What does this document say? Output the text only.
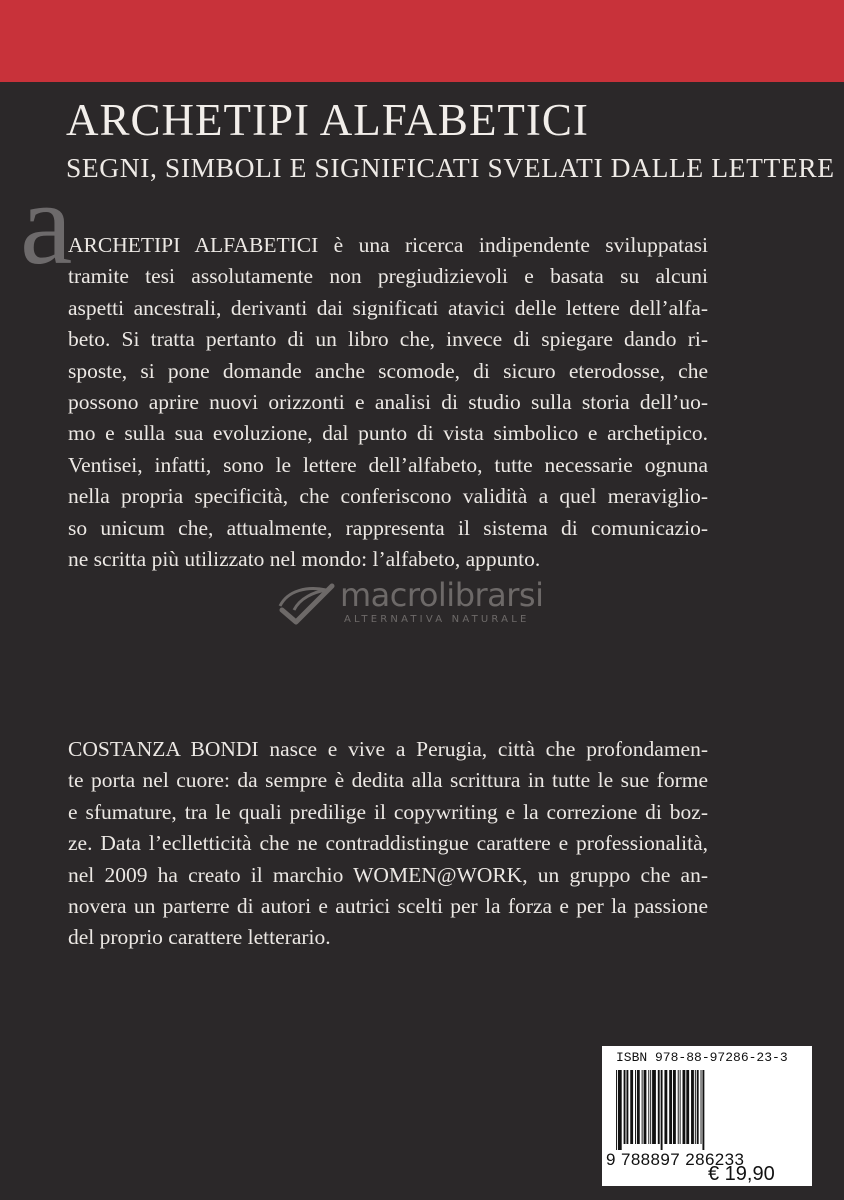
ARCHETIPI ALFABETICI
SEGNI, SIMBOLI E SIGNIFICATI SVELATI DALLE LETTERE
a
ARCHETIPI ALFABETICI è una ricerca indipendente sviluppatasi
tramite tesi assolutamente non pregiudizievoli e basata su alcuni
aspetti ancestrali, derivanti dai significati atavici delle lettere dell’alfa-
beto. Si tratta pertanto di un libro che, invece di spiegare dando ri-
sposte, si pone domande anche scomode, di sicuro eterodosse, che
possono aprire nuovi orizzonti e analisi di studio sulla storia dell’uo-
mo e sulla sua evoluzione, dal punto di vista simbolico e archetipico.
Ventisei, infatti, sono le lettere dell’alfabeto, tutte necessarie ognuna
nella propria specificità, che conferiscono validità a quel meraviglio-
so unicum che, attualmente, rappresenta il sistema di comunicazio-
ne scritta più utilizzato nel mondo: l’alfabeto, appunto.
macrolibrarsi
ALTERNATIVA NATURALE
COSTANZA BONDI nasce e vive a Perugia, città che profondamen-
te porta nel cuore: da sempre è dedita alla scrittura in tutte le sue forme
e sfumature, tra le quali predilige il copywriting e la correzione di boz-
ze. Data l’eclletticità che ne contraddistingue carattere e professionalità,
nel 2009 ha creato il marchio WOMEN@WORK, un gruppo che an-
novera un parterre di autori e autrici scelti per la forza e per la passione
del proprio carattere letterario.
ISBN 978-88-97286-23-3
9 788897 286233
€ 19,90
